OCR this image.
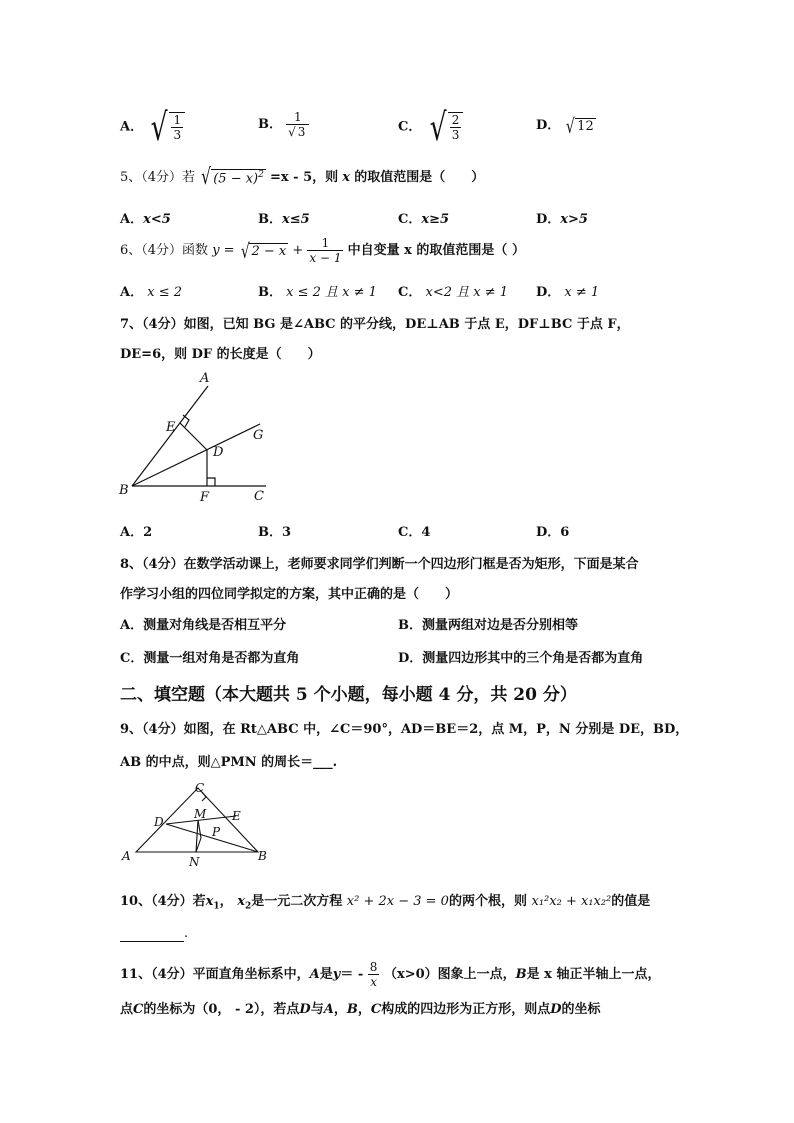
A． √ $\frac{1}{3}$	B． $\frac{1}{√ 3}$	C． √ $\frac{2}{3}$	D． √ 12
5、（4分）若 √ $(5 - x)^2 =x - 5$，则 x 的取值范围是（　　）
A．x<5	B．x≤5	C．x≥5	D．x>5
6、（4分）函数 y = √ $2 - x + \frac{1}{x - 1}$ 中自变量 x 的取值范围是（ ）
A． x ≤ 2	B． x ≤ 2 且 x ≠ 1 C． x<2 且 x ≠ 1 D． x ≠ 1
7、（4分）如图，已知 BG 是∠ABC 的平分线，DE⊥AB 于点 E，DF⊥BC 于点 F，
DE=6，则 DF 的长度是（　　）
A
B	C
D
E
F
G
A．2	B．3	C．4	D．6
8、（4分）在数学活动课上，老师要求同学们判断一个四边形门框是否为矩形，下面是某合
作学习小组的四位同学拟定的方案，其中正确的是（　　）
A．测量对角线是否相互平分	B．测量两组对边是否分别相等
C．测量一组对角是否都为直角	D．测量四边形其中的三个角是否都为直角
二、填空题（本大题共 5 个小题，每小题 4 分，共 20 分）
9、（4分）如图，在 Rt△ABC 中，∠C＝90°，AD＝BE＝2，点 M，P，N 分别是 DE，BD，
AB 的中点，则△PMN 的周长＝___.
A	B
C
D	E
M
N
P
10、（4分）若$x_1$， $x_2$是一元二次方程 x² + 2x − 3 = 0的两个根，则 x₁²x₂ + x₁x₂²的值是
.
11、（4分）平面直角坐标系中，A是$y= - \frac{8}{x} (x>0)$图象上一点，B是 x 轴正半轴上一点，
点C的坐标为（0， - 2），若点D与A，B，C构成的四边形为正方形，则点D的坐标
